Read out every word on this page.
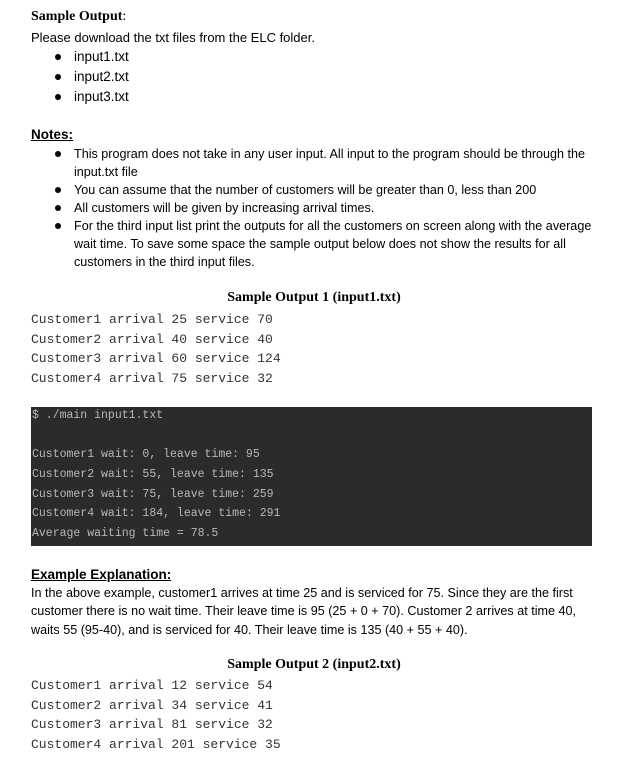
Sample Output:
Please download the txt files from the ELC folder.
input1.txt
input2.txt
input3.txt
Notes:
This program does not take in any user input. All input to the program should be through the input.txt file
You can assume that the number of customers will be greater than 0, less than 200
All customers will be given by increasing arrival times.
For the third input list print the outputs for all the customers on screen along with the average wait time. To save some space the sample output below does not show the results for all customers in the third input files.
Sample Output 1 (input1.txt)
Customer1 arrival 25 service 70
Customer2 arrival 40 service 40
Customer3 arrival 60 service 124
Customer4 arrival 75 service 32
$ ./main input1.txt
Customer1 wait: 0, leave time: 95
Customer2 wait: 55, leave time: 135
Customer3 wait: 75, leave time: 259
Customer4 wait: 184, leave time: 291
Average waiting time = 78.5
Example Explanation:
In the above example, customer1 arrives at time 25 and is serviced for 75. Since they are the first customer there is no wait time. Their leave time is 95 (25 + 0 + 70). Customer 2 arrives at time 40, waits 55 (95-40), and is serviced for 40. Their leave time is 135 (40 + 55 + 40).
Sample Output 2 (input2.txt)
Customer1 arrival 12 service 54
Customer2 arrival 34 service 41
Customer3 arrival 81 service 32
Customer4 arrival 201 service 35
